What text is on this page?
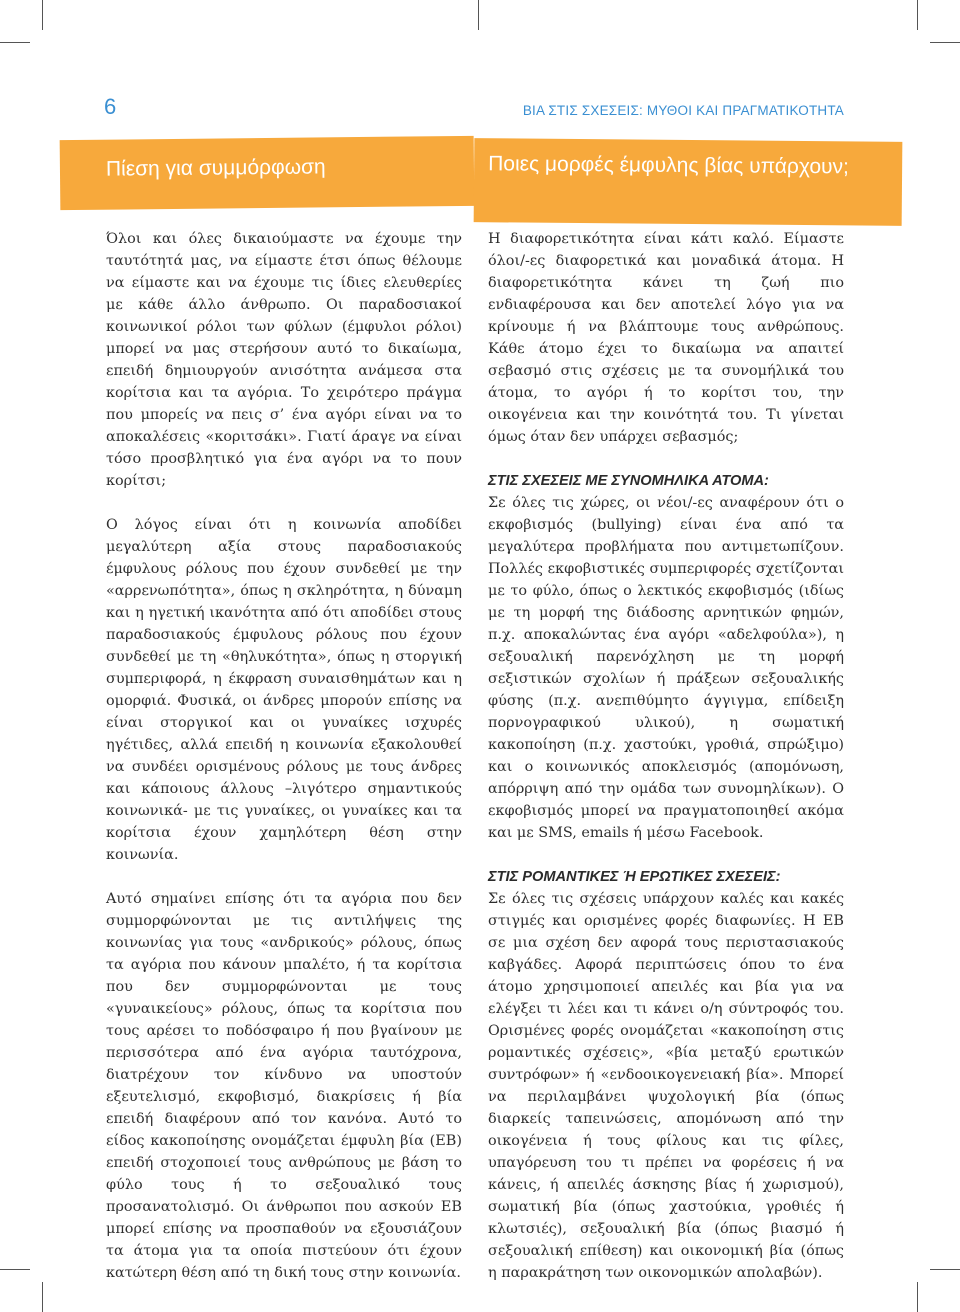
6	ΒΙΑ ΣΤΙΣ ΣΧΕΣΕΙΣ: ΜΥΘΟΙ ΚΑΙ ΠΡΑΓΜΑΤΙΚΟΤΗΤΑ
Πίεση για συμμόρφωση	Ποιες μορφές έμφυλης βίας υπάρχουν;

Όλοι και όλες δικαιούμαστε να έχουμε την ταυτότητά μας, να είμαστε έτσι όπως θέλουμε να είμαστε και να έχουμε τις ίδιες ελευθερίες με κάθε άλλο άνθρωπο. Οι παραδοσιακοί κοινωνικοί ρόλοι των φύλων (έμφυλοι ρόλοι) μπορεί να μας στερήσουν αυτό το δικαίωμα, επειδή δημιουργούν ανισότητα ανάμεσα στα κορίτσια και τα αγόρια. Το χειρότερο πράγμα που μπορείς να πεις σ’ ένα αγόρι είναι να το αποκαλέσεις «κοριτσάκι». Γιατί άραγε να είναι τόσο προσβλητικό για ένα αγόρι να το πουν κορίτσι;

Ο λόγος είναι ότι η κοινωνία αποδίδει μεγαλύτερη αξία στους παραδοσιακούς έμφυλους ρόλους που έχουν συνδεθεί με την «αρρενωπότητα», όπως η σκληρότητα, η δύναμη και η ηγετική ικανότητα από ότι αποδίδει στους παραδοσιακούς έμφυλους ρόλους που έχουν συνδεθεί με τη «θηλυκότητα», όπως η στοργική συμπεριφορά, η έκφραση συναισθημάτων και η ομορφιά. Φυσικά, οι άνδρες μπορούν επίσης να είναι στοργικοί και οι γυναίκες ισχυρές ηγέτιδες, αλλά επειδή η κοινωνία εξακολουθεί να συνδέει ορισμένους ρόλους με τους άνδρες και κάποιους άλλους –λιγότερο σημαντικούς κοινωνικά- με τις γυναίκες, οι γυναίκες και τα κορίτσια έχουν χαμηλότερη θέση στην κοινωνία.

Αυτό σημαίνει επίσης ότι τα αγόρια που δεν συμμορφώνονται με τις αντιλήψεις της κοινωνίας για τους «ανδρικούς» ρόλους, όπως τα αγόρια που κάνουν μπαλέτο, ή τα κορίτσια που δεν συμμορφώνονται με τους «γυναικείους» ρόλους, όπως τα κορίτσια που τους αρέσει το ποδόσφαιρο ή που βγαίνουν με περισσότερα από ένα αγόρια ταυτόχρονα, διατρέχουν τον κίνδυνο να υποστούν εξευτελισμό, εκφοβισμό, διακρίσεις ή βία επειδή διαφέρουν από τον κανόνα. Αυτό το είδος κακοποίησης ονομάζεται έμφυλη βία (ΕΒ) επειδή στοχοποιεί τους ανθρώπους με βάση το φύλο τους ή το σεξουαλικό τους προσανατολισμό. Οι άνθρωποι που ασκούν ΕΒ μπορεί επίσης να προσπαθούν να εξουσιάζουν τα άτομα για τα οποία πιστεύουν ότι έχουν κατώτερη θέση από τη δική τους στην κοινωνία.

Η διαφορετικότητα είναι κάτι καλό. Είμαστε όλοι/-ες διαφορετικά και μοναδικά άτομα. Η διαφορετικότητα κάνει τη ζωή πιο ενδιαφέρουσα και δεν αποτελεί λόγο για να κρίνουμε ή να βλάπτουμε τους ανθρώπους. Κάθε άτομο έχει το δικαίωμα να απαιτεί σεβασμό στις σχέσεις με τα συνομήλικά του άτομα, το αγόρι ή το κορίτσι του, την οικογένεια και την κοινότητά του. Τι γίνεται όμως όταν δεν υπάρχει σεβασμός;

ΣΤΙΣ ΣΧΕΣΕΙΣ ΜΕ ΣΥΝΟΜΗΛΙΚΑ ΑΤΟΜΑ:

Σε όλες τις χώρες, οι νέοι/-ες αναφέρουν ότι ο εκφοβισμός (bullying) είναι ένα από τα μεγαλύτερα προβλήματα που αντιμετωπίζουν. Πολλές εκφοβιστικές συμπεριφορές σχετίζονται με το φύλο, όπως ο λεκτικός εκφοβισμός (ιδίως με τη μορφή της διάδοσης αρνητικών φημών, π.χ. αποκαλώντας ένα αγόρι «αδελφούλα»), η σεξουαλική παρενόχληση με τη μορφή σεξιστικών σχολίων ή πράξεων σεξουαλικής φύσης (π.χ. ανεπιθύμητο άγγιγμα, επίδειξη πορνογραφικού υλικού), η σωματική κακοποίηση (π.χ. χαστούκι, γροθιά, σπρώξιμο) και ο κοινωνικός αποκλεισμός (απομόνωση, απόρριψη από την ομάδα των συνομηλίκων). Ο εκφοβισμός μπορεί να πραγματοποιηθεί ακόμα και με SMS, emails ή μέσω Facebook.

ΣΤΙΣ ΡΟΜΑΝΤΙΚΕΣ Ή ΕΡΩΤΙΚΕΣ ΣΧΕΣΕΙΣ:

Σε όλες τις σχέσεις υπάρχουν καλές και κακές στιγμές και ορισμένες φορές διαφωνίες. Η ΕΒ σε μια σχέση δεν αφορά τους περιστασιακούς καβγάδες. Αφορά περιπτώσεις όπου το ένα άτομο χρησιμοποιεί απειλές και βία για να ελέγξει τι λέει και τι κάνει ο/η σύντροφός του. Ορισμένες φορές ονομάζεται «κακοποίηση στις ρομαντικές σχέσεις», «βία μεταξύ ερωτικών συντρόφων» ή «ενδοοικογενειακή βία». Μπορεί να περιλαμβάνει ψυχολογική βία (όπως διαρκείς ταπεινώσεις, απομόνωση από την οικογένεια ή τους φίλους και τις φίλες, υπαγόρευση του τι πρέπει να φορέσεις ή να κάνεις, ή απειλές άσκησης βίας ή χωρισμού), σωματική βία (όπως χαστούκια, γροθιές ή κλωτσιές), σεξουαλική βία (όπως βιασμό ή σεξουαλική επίθεση) και οικονομική βία (όπως η παρακράτηση των οικονομικών απολαβών).
